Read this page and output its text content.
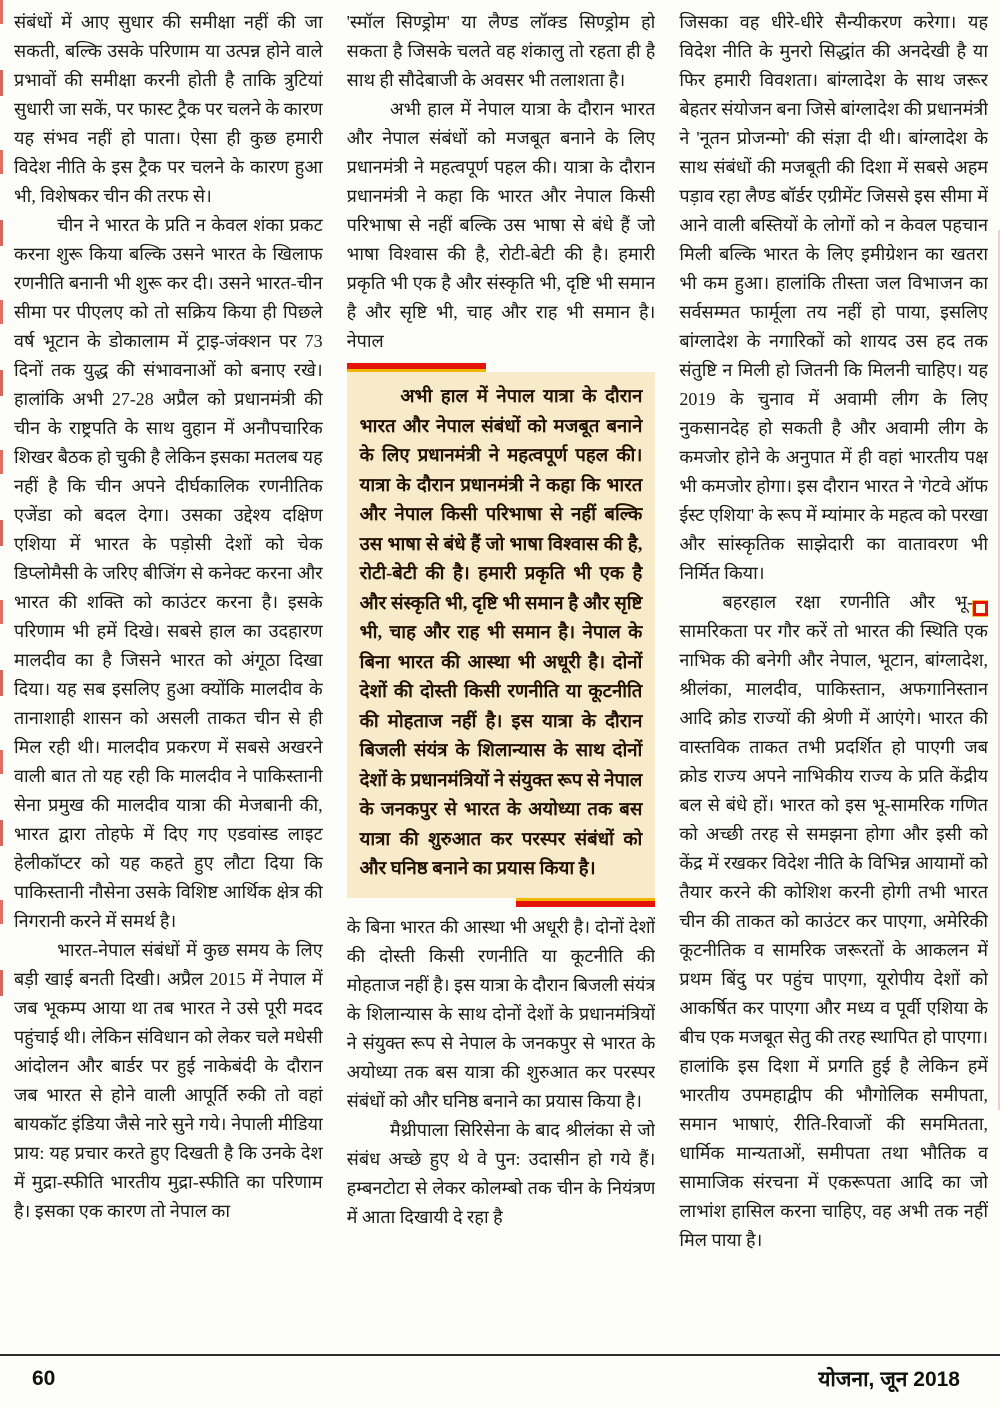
संबंधों में आए सुधार की समीक्षा नहीं की जा सकती, बल्कि उसके परिणाम या उत्पन्न होने वाले प्रभावों की समीक्षा करनी होती है ताकि त्रुटियां सुधारी जा सकें, पर फास्ट ट्रैक पर चलने के कारण यह संभव नहीं हो पाता। ऐसा ही कुछ हमारी विदेश नीति के इस ट्रैक पर चलने के कारण हुआ भी, विशेषकर चीन की तरफ से।

चीन ने भारत के प्रति न केवल शंका प्रकट करना शुरू किया बल्कि उसने भारत के खिलाफ रणनीति बनानी भी शुरू कर दी। उसने भारत-चीन सीमा पर पीएलए को तो सक्रिय किया ही पिछले वर्ष भूटान के डोकालाम में ट्राइ-जंक्शन पर 73 दिनों तक युद्ध की संभावनाओं को बनाए रखे। हालांकि अभी 27-28 अप्रैल को प्रधानमंत्री की चीन के राष्ट्रपति के साथ वुहान में अनौपचारिक शिखर बैठक हो चुकी है लेकिन इसका मतलब यह नहीं है कि चीन अपने दीर्घकालिक रणनीतिक एजेंडा को बदल देगा। उसका उद्देश्य दक्षिण एशिया में भारत के पड़ोसी देशों को चेक डिप्लोमैसी के जरिए बीजिंग से कनेक्ट करना और भारत की शक्ति को काउंटर करना है। इसके परिणाम भी हमें दिखे। सबसे हाल का उदहारण मालदीव का है जिसने भारत को अंगूठा दिखा दिया। यह सब इसलिए हुआ क्योंकि मालदीव के तानाशाही शासन को असली ताकत चीन से ही मिल रही थी। मालदीव प्रकरण में सबसे अखरने वाली बात तो यह रही कि मालदीव ने पाकिस्तानी सेना प्रमुख की मालदीव यात्रा की मेजबानी की, भारत द्वारा तोहफे में दिए गए एडवांस्ड लाइट हेलीकॉप्टर को यह कहते हुए लौटा दिया कि पाकिस्तानी नौसेना उसके विशिष्ट आर्थिक क्षेत्र की निगरानी करने में समर्थ है।

भारत-नेपाल संबंधों में कुछ समय के लिए बड़ी खाई बनती दिखी। अप्रैल 2015 में नेपाल में जब भूकम्प आया था तब भारत ने उसे पूरी मदद पहुंचाई थी। लेकिन संविधान को लेकर चले मधेसी आंदोलन और बार्डर पर हुई नाकेबंदी के दौरान जब भारत से होने वाली आपूर्ति रुकी तो वहां बायकॉट इंडिया जैसे नारे सुने गये। नेपाली मीडिया प्राय: यह प्रचार करते हुए दिखती है कि उनके देश में मुद्रा-स्फीति भारतीय मुद्रा-स्फीति का परिणाम है। इसका एक कारण तो नेपाल का

'स्मॉल सिण्ड्रोम' या लैण्ड लॉक्ड सिण्ड्रोम हो सकता है जिसके चलते वह शंकालु तो रहता ही है साथ ही सौदेबाजी के अवसर भी तलाशता है।

अभी हाल में नेपाल यात्रा के दौरान भारत और नेपाल संबंधों को मजबूत बनाने के लिए प्रधानमंत्री ने महत्वपूर्ण पहल की। यात्रा के दौरान प्रधानमंत्री ने कहा कि भारत और नेपाल किसी परिभाषा से नहीं बल्कि उस भाषा से बंधे हैं जो भाषा विश्वास की है, रोटी-बेटी की है। हमारी प्रकृति भी एक है और संस्कृति भी, दृष्टि भी समान है और सृष्टि भी, चाह और राह भी समान है। नेपाल

अभी हाल में नेपाल यात्रा के दौरान भारत और नेपाल संबंधों को मजबूत बनाने के लिए प्रधानमंत्री ने महत्वपूर्ण पहल की। यात्रा के दौरान प्रधानमंत्री ने कहा कि भारत और नेपाल किसी परिभाषा से नहीं बल्कि उस भाषा से बंधे हैं जो भाषा विश्वास की है, रोटी-बेटी की है। हमारी प्रकृति भी एक है और संस्कृति भी, दृष्टि भी समान है और सृष्टि भी, चाह और राह भी समान है। नेपाल के बिना भारत की आस्था भी अधूरी है। दोनों देशों की दोस्ती किसी रणनीति या कूटनीति की मोहताज नहीं है। इस यात्रा के दौरान बिजली संयंत्र के शिलान्यास के साथ दोनों देशों के प्रधानमंत्रियों ने संयुक्त रूप से नेपाल के जनकपुर से भारत के अयोध्या तक बस यात्रा की शुरुआत कर परस्पर संबंधों को और घनिष्ठ बनाने का प्रयास किया है।

के बिना भारत की आस्था भी अधूरी है। दोनों देशों की दोस्ती किसी रणनीति या कूटनीति की मोहताज नहीं है। इस यात्रा के दौरान बिजली संयंत्र के शिलान्यास के साथ दोनों देशों के प्रधानमंत्रियों ने संयुक्त रूप से नेपाल के जनकपुर से भारत के अयोध्या तक बस यात्रा की शुरुआत कर परस्पर संबंधों को और घनिष्ठ बनाने का प्रयास किया है।

मैथ्रीपाला सिरिसेना के बाद श्रीलंका से जो संबंध अच्छे हुए थे वे पुन: उदासीन हो गये हैं। हम्बनटोटा से लेकर कोलम्बो तक चीन के नियंत्रण में आता दिखायी दे रहा है

जिसका वह धीरे-धीरे सैन्यीकरण करेगा। यह विदेश नीति के मुनरो सिद्धांत की अनदेखी है या फिर हमारी विवशता। बांग्लादेश के साथ जरूर बेहतर संयोजन बना जिसे बांग्लादेश की प्रधानमंत्री ने 'नूतन प्रोजन्मो' की संज्ञा दी थी। बांग्लादेश के साथ संबंधों की मजबूती की दिशा में सबसे अहम पड़ाव रहा लैण्ड बॉर्डर एग्रीमेंट जिससे इस सीमा में आने वाली बस्तियों के लोगों को न केवल पहचान मिली बल्कि भारत के लिए इमीग्रेशन का खतरा भी कम हुआ। हालांकि तीस्ता जल विभाजन का सर्वसम्मत फार्मूला तय नहीं हो पाया, इसलिए बांग्लादेश के नगारिकों को शायद उस हद तक संतुष्टि न मिली हो जितनी कि मिलनी चाहिए। यह 2019 के चुनाव में अवामी लीग के लिए नुकसानदेह हो सकती है और अवामी लीग के कमजोर होने के अनुपात में ही वहां भारतीय पक्ष भी कमजोर होगा। इस दौरान भारत ने 'गेटवे ऑफ ईस्ट एशिया' के रूप में म्यांमार के महत्व को परखा और सांस्कृतिक साझेदारी का वातावरण भी निर्मित किया।

बहरहाल रक्षा रणनीति और भू-सामरिकता पर गौर करें तो भारत की स्थिति एक नाभिक की बनेगी और नेपाल, भूटान, बांग्लादेश, श्रीलंका, मालदीव, पाकिस्तान, अफगानिस्तान आदि क्रोड राज्यों की श्रेणी में आएंगे। भारत की वास्तविक ताकत तभी प्रदर्शित हो पाएगी जब क्रोड राज्य अपने नाभिकीय राज्य के प्रति केंद्रीय बल से बंधे हों। भारत को इस भू-सामरिक गणित को अच्छी तरह से समझना होगा और इसी को केंद्र में रखकर विदेश नीति के विभिन्न आयामों को तैयार करने की कोशिश करनी होगी तभी भारत चीन की ताकत को काउंटर कर पाएगा, अमेरिकी कूटनीतिक व सामरिक जरूरतों के आकलन में प्रथम बिंदु पर पहुंच पाएगा, यूरोपीय देशों को आकर्षित कर पाएगा और मध्य व पूर्वी एशिया के बीच एक मजबूत सेतु की तरह स्थापित हो पाएगा। हालांकि इस दिशा में प्रगति हुई है लेकिन हमें भारतीय उपमहाद्वीप की भौगोलिक समीपता, समान भाषाएं, रीति-रिवाजों की सममितता, धार्मिक मान्यताओं, समीपता तथा भौतिक व सामाजिक संरचना में एकरूपता आदि का जो लाभांश हासिल करना चाहिए, वह अभी तक नहीं मिल पाया है।

60	योजना, जून 2018
